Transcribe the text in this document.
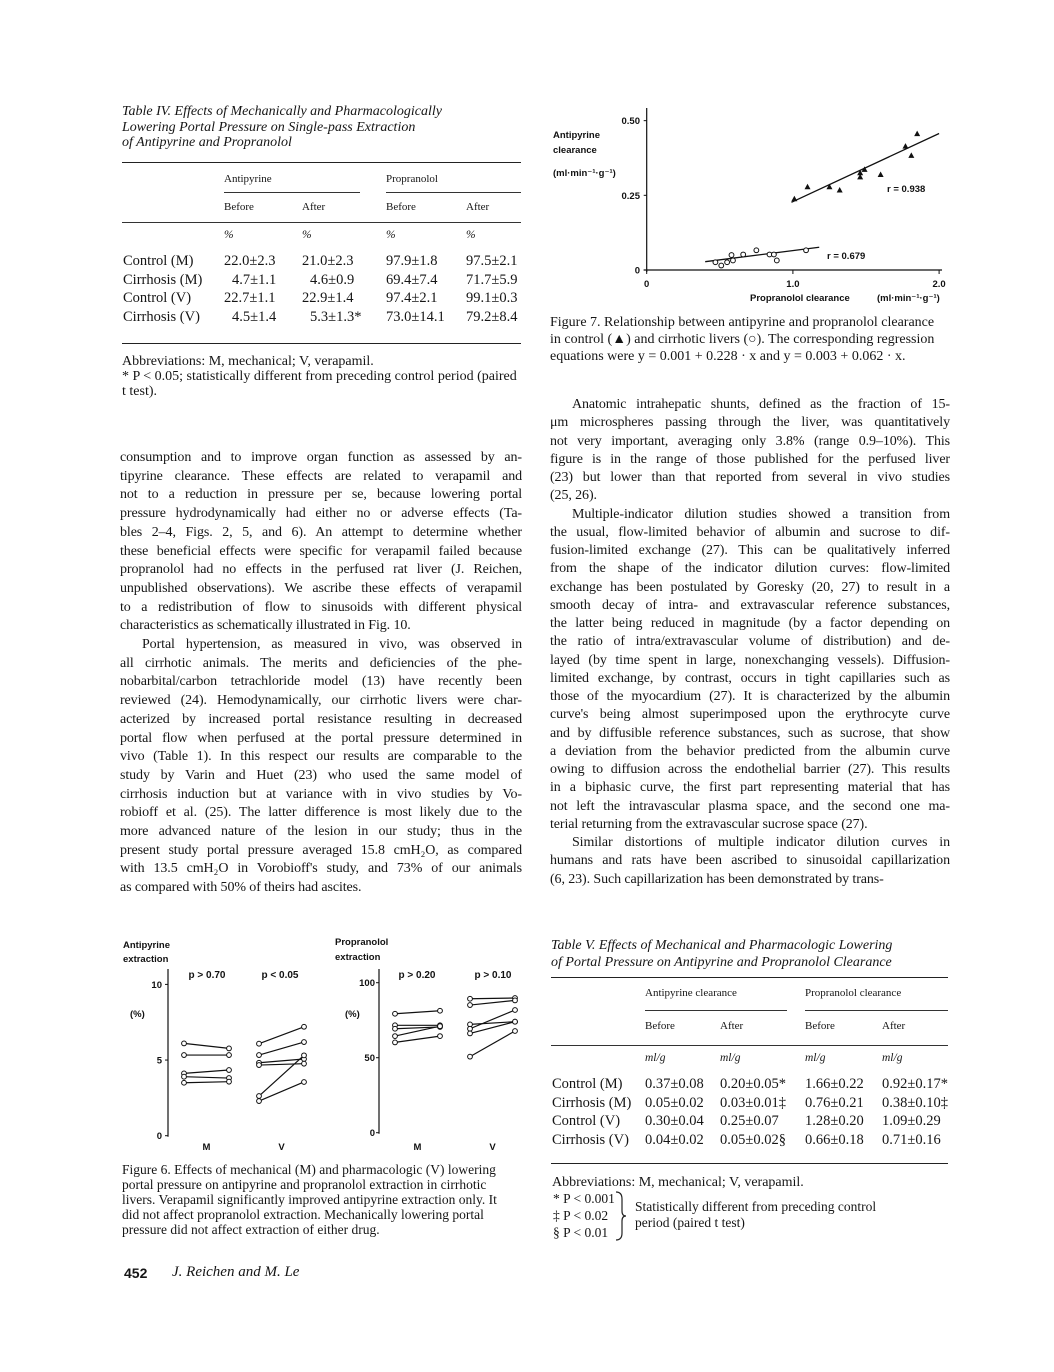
Table IV. Effects of Mechanically and Pharmacologically
Lowering Portal Pressure on Single-pass Extraction
of Antipyrine and Propranolol	Antipyrine
clearance
(ml·min⁻¹·g⁻¹)
Propranolol clearance	(ml·min⁻¹·g⁻¹)
0
0.25
0.50
0	1.0	2.0
r = 0.938
r = 0.679
Figure 7. Relationship between antipyrine and propranolol clearance
in control (▲) and cirrhotic livers (○). The corresponding regression
equations were y = 0.001 + 0.228 · x and y = 0.003 + 0.062 · x.
consumption and to improve organ function as assessed by an-
tipyrine clearance. These effects are related to verapamil and
not to a reduction in pressure per se, because lowering portal
pressure hydrodynamically had either no or adverse effects (Ta-
bles 2–4, Figs. 2, 5, and 6). An attempt to determine whether
these beneficial effects were specific for verapamil failed because
propranolol had no effects in the perfused rat liver (J. Reichen,
unpublished observations). We ascribe these effects of verapamil
to a redistribution of flow to sinusoids with different physical
characteristics as schematically illustrated in Fig. 10.
Portal hypertension, as measured in vivo, was observed in
all cirrhotic animals. The merits and deficiencies of the phe-
nobarbital/carbon tetrachloride model (13) have recently been
reviewed (24). Hemodynamically, our cirrhotic livers were char-
acterized by increased portal resistance resulting in decreased
portal flow when perfused at the portal pressure determined in
vivo (Table 1). In this respect our results are comparable to the
study by Varin and Huet (23) who used the same model of
cirrhosis induction but at variance with in vivo studies by Vo-
robioff et al. (25). The latter difference is most likely due to the
more advanced nature of the lesion in our study; thus in the
present study portal pressure averaged 15.8 cmH₂O, as compared
with 13.5 cmH₂O in Vorobioff's study, and 73% of our animals
as compared with 50% of theirs had ascites.
Anatomic intrahepatic shunts, defined as the fraction of 15-
μm microspheres passing through the liver, was quantitatively
not very important, averaging only 3.8% (range 0.9–10%). This
figure is in the range of those published for the perfused liver
(23) but lower than that reported from several in vivo studies
(25, 26).
Multiple-indicator dilution studies showed a transition from
the usual, flow-limited behavior of albumin and sucrose to dif-
fusion-limited exchange (27). This can be qualitatively inferred
from the shape of the indicator dilution curves: flow-limited
exchange has been postulated by Goresky (20, 27) to result in a
smooth decay of intra- and extravascular reference substances,
the latter being reduced in magnitude (by a factor depending on
the ratio of intra/extravascular volume of distribution) and de-
layed (by time spent in large, nonexchanging vessels). Diffusion-
limited exchange, by contrast, occurs in tight capillaries such as
those of the myocardium (27). It is characterized by the albumin
curve's being almost superimposed upon the erythrocyte curve
and by diffusible reference substances, such as sucrose, that show
a deviation from the behavior predicted from the albumin curve
owing to diffusion across the endothelial barrier (27). This results
in a biphasic curve, the first part representing material that has
not left the intravascular plasma space, and the second one ma-
terial returning from the extravascular sucrose space (27).
Similar distortions of multiple indicator dilution curves in
humans and rats have been ascribed to sinusoidal capillarization
(6, 23). Such capillarization has been demonstrated by trans-
Antipyrine
extraction
(%)
0
5
10
p > 0.70
M
p < 0.05
V
Propranolol
extraction
(%)
0
50
100
p > 0.20
M
p > 0.10
V
Figure 6. Effects of mechanical (M) and pharmacologic (V) lowering
portal pressure on antipyrine and propranolol extraction in cirrhotic
livers. Verapamil significantly improved antipyrine extraction only. It
did not affect propranolol extraction. Mechanically lowering portal
pressure did not affect extraction of either drug.
Table V. Effects of Mechanical and Pharmacologic Lowering
of Portal Pressure on Antipyrine and Propranolol Clearance
Abbreviations: M, mechanical; V, verapamil.
* P < 0.001
‡ P < 0.02
§ P < 0.01
Statistically different from preceding control
period (paired t test)
452 J. Reichen and M. Le
Antipyrine	Propranolol
Before	After	Before	After
%	%	%	%
Control (M) 22.0±2.3 21.0±2.3 97.9±1.8 97.5±2.1
Cirrhosis (M) 4.7±1.1 4.6±0.9 69.4±7.4 71.7±5.9
Control (V) 22.7±1.1 22.9±1.4 97.4±2.1 99.1±0.3
Cirrhosis (V) 4.5±1.4 5.3±1.3* 73.0±14.1 79.2±8.4
Antipyrine clearance	Propranolol clearance
Before	After	Before	After
ml/g	ml/g	ml/g	ml/g
Control (M) 0.37±0.08 0.20±0.05* 1.66±0.22 0.92±0.17*
Cirrhosis (M) 0.05±0.02 0.03±0.01‡ 0.76±0.21 0.38±0.10‡
Control (V) 0.30±0.04 0.25±0.07 1.28±0.20 1.09±0.29
Cirrhosis (V) 0.04±0.02 0.05±0.02§ 0.66±0.18 0.71±0.16
Abbreviations: M, mechanical; V, verapamil.
* P < 0.05; statistically different from preceding control period (paired
t test).
